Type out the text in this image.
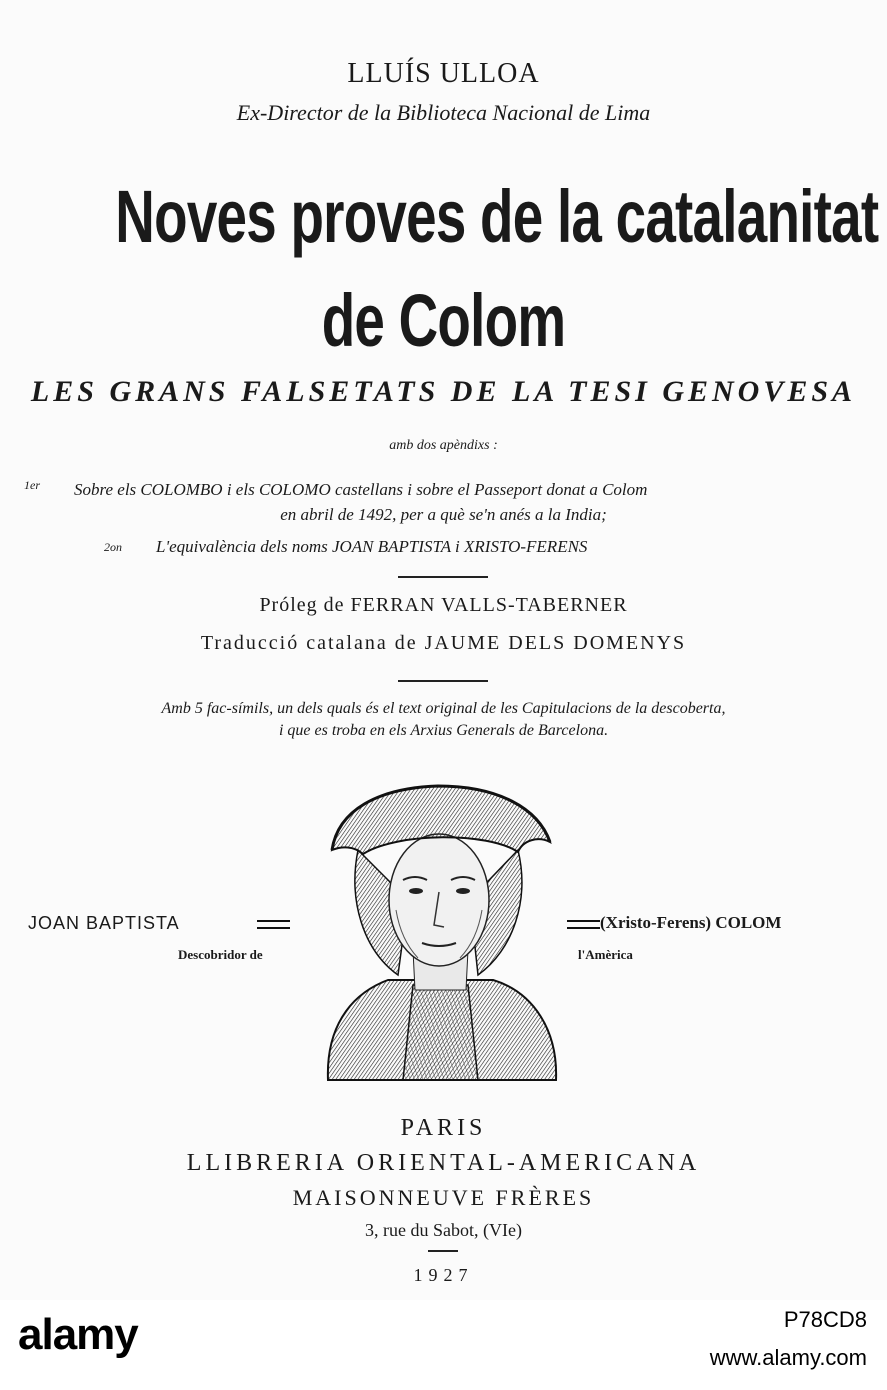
LLUÍS ULLOA
Ex-Director de la Biblioteca Nacional de Lima
Noves proves de la catalanitat
de Colom
LES GRANS FALSETATS DE LA TESI GENOVESA
amb dos apèndixs :
1er Sobre els COLOMBO i els COLOMO castellans i sobre el Passeport donat a Colom
en abril de 1492, per a què se'n anés a la India;
2on L'equivalència dels noms JOAN BAPTISTA i XRISTO-FERENS
Próleg de FERRAN VALLS-TABERNER
Traducció catalana de JAUME DELS DOMENYS
Amb 5 fac-símils, un dels quals és el text original de les Capitulacions de la descoberta,
i que es troba en els Arxius Generals de Barcelona.
JOAN BAPTISTA
Descobridor de
(Xristo-Ferens) COLOM
l'Amèrica
PARIS
LLIBRERIA ORIENTAL-AMERICANA
MAISONNEUVE FRÈRES
3, rue du Sabot, (VIe)
1927
alamy	P78CD8
www.alamy.com
